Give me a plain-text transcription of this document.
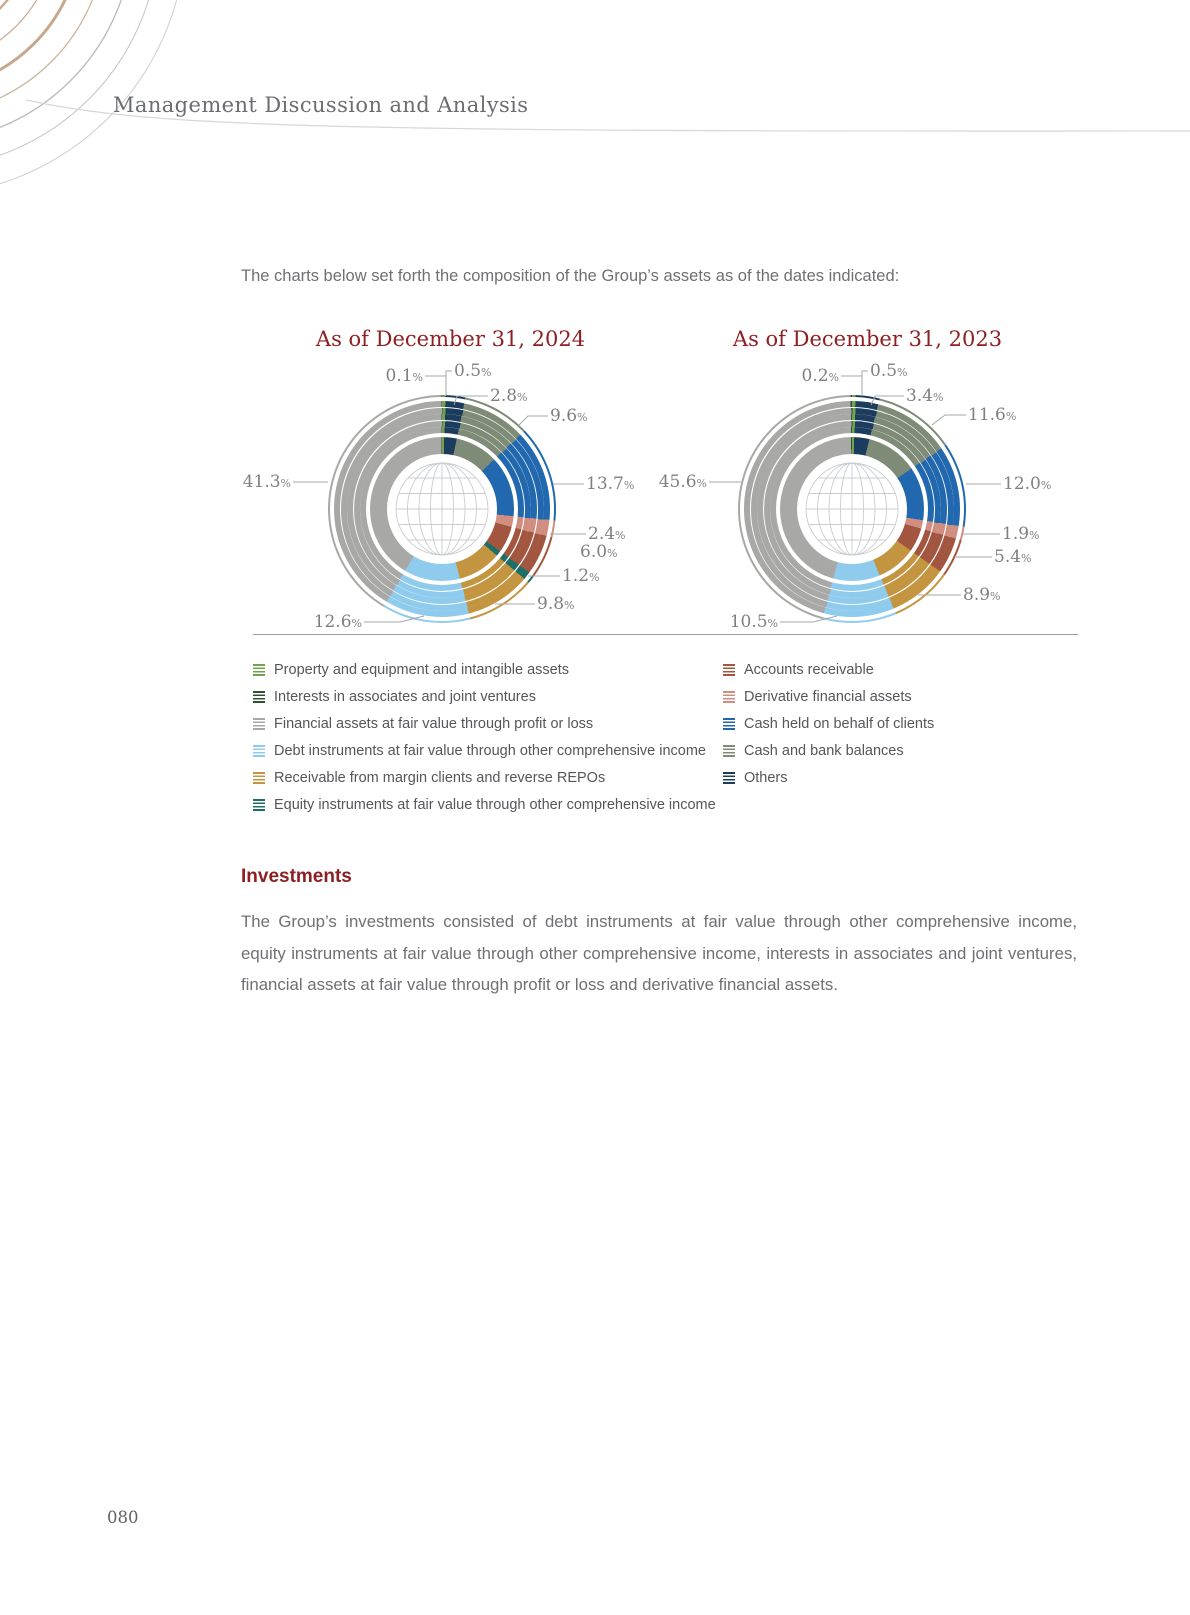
Management Discussion and Analysis
The charts below set forth the composition of the Group’s assets as of the dates indicated:
As of December 31, 2024
0.1% 0.5%
2.8%
9.6%
13.7%
2.4%
6.0%
1.2%
9.8%
41.3%
12.6%
As of December 31, 2023
0.2% 0.5%
3.4%
11.6%
12.0%
1.9%
5.4%
8.9%
45.6%
10.5%
Property and equipment and intangible assets
Interests in associates and joint ventures
Financial assets at fair value through profit or loss
Debt instruments at fair value through other comprehensive income
Receivable from margin clients and reverse REPOs
Equity instruments at fair value through other comprehensive income
Accounts receivable
Derivative financial assets
Cash held on behalf of clients
Cash and bank balances
Others
Investments
The Group’s investments consisted of debt instruments at fair value through other comprehensive income, equity instruments at fair value through other comprehensive income, interests in associates and joint ventures, financial assets at fair value through profit or loss and derivative financial assets.
080
